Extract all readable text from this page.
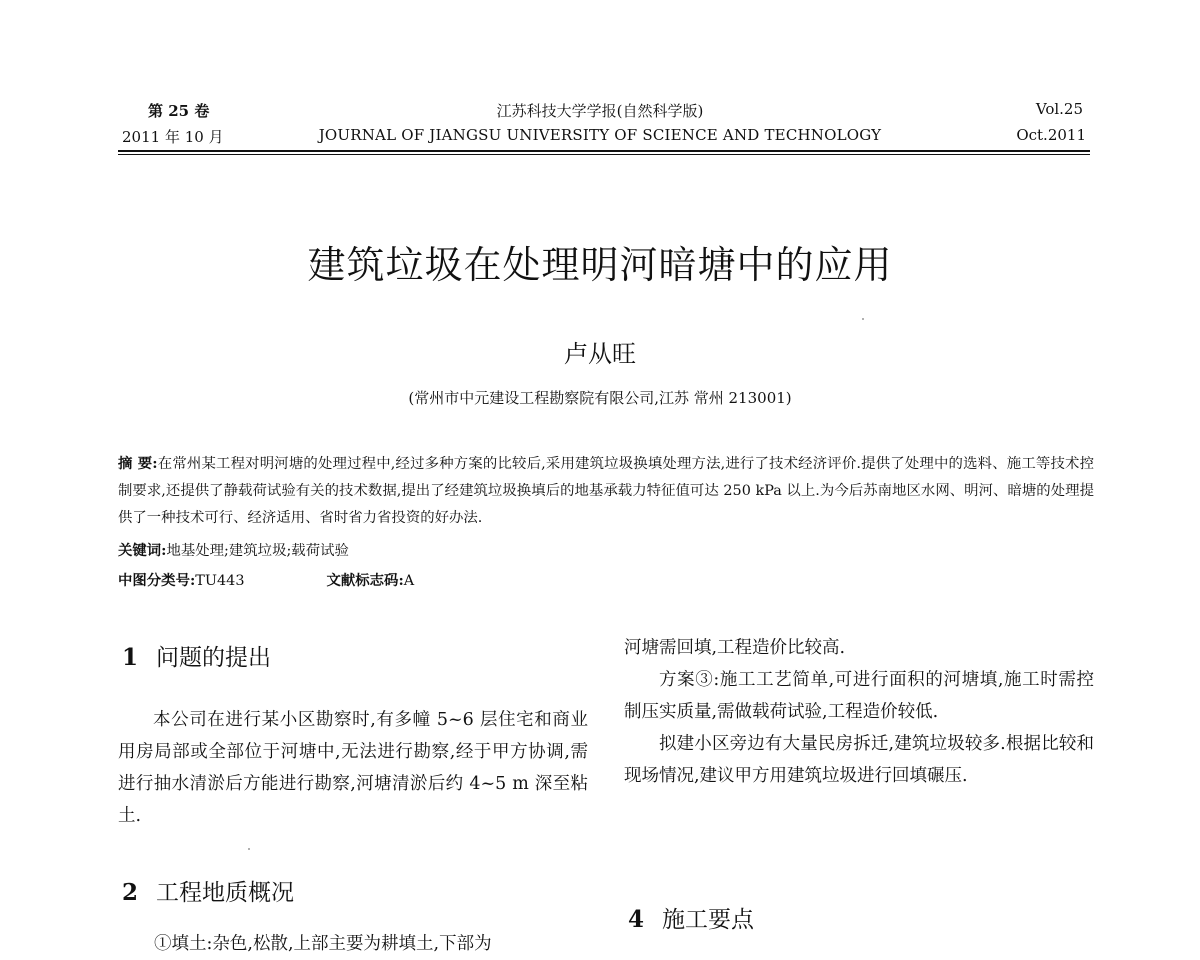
第 25 卷
2011 年 10 月
江苏科技大学学报(自然科学版)
JOURNAL OF JIANGSU UNIVERSITY OF SCIENCE AND TECHNOLOGY
Vol.25
Oct.2011
建筑垃圾在处理明河暗塘中的应用
卢从旺
(常州市中元建设工程勘察院有限公司,江苏 常州 213001)
摘 要:在常州某工程对明河塘的处理过程中,经过多种方案的比较后,采用建筑垃圾换填处理方法,进行了技术经济评价.提供了处理中的选料、施工等技术控制要求,还提供了静载荷试验有关的技术数据,提出了经建筑垃圾换填后的地基承载力特征值可达 250 kPa 以上.为今后苏南地区水网、明河、暗塘的处理提供了一种技术可行、经济适用、省时省力省投资的好办法.
关键词:地基处理;建筑垃圾;载荷试验
中图分类号:TU443	文献标志码:A
1 问题的提出

本公司在进行某小区勘察时,有多幢 5~6 层住宅和商业用房局部或全部位于河塘中,无法进行勘察,经于甲方协调,需进行抽水清淤后方能进行勘察,河塘清淤后约 4~5 m 深至粘土.

2 工程地质概况
①填土:杂色,松散,上部主要为耕填土,下部为

河塘需回填,工程造价比较高.

方案③:施工工艺简单,可进行面积的河塘填,施工时需控制压实质量,需做载荷试验,工程造价较低.

拟建小区旁边有大量民房拆迁,建筑垃圾较多.根据比较和现场情况,建议甲方用建筑垃圾进行回填碾压.

4 施工要点
